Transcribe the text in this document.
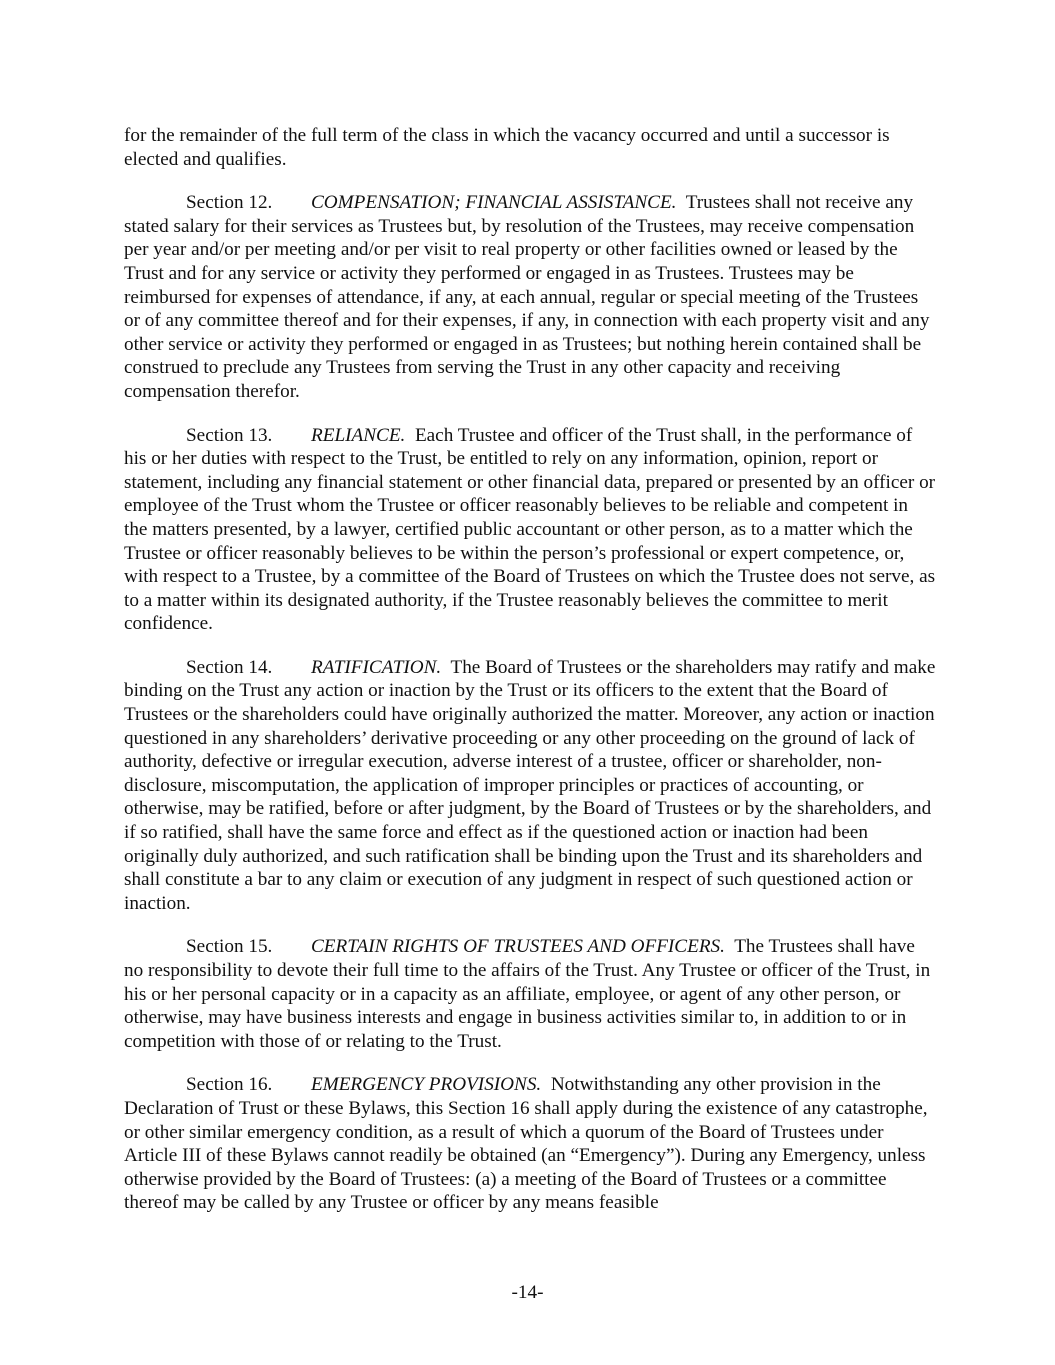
for the remainder of the full term of the class in which the vacancy occurred and until a successor is elected and qualifies.

Section 12. COMPENSATION; FINANCIAL ASSISTANCE. Trustees shall not receive any stated salary for their services as Trustees but, by resolution of the Trustees, may receive compensation per year and/or per meeting and/or per visit to real property or other facilities owned or leased by the Trust and for any service or activity they performed or engaged in as Trustees. Trustees may be reimbursed for expenses of attendance, if any, at each annual, regular or special meeting of the Trustees or of any committee thereof and for their expenses, if any, in connection with each property visit and any other service or activity they performed or engaged in as Trustees; but nothing herein contained shall be construed to preclude any Trustees from serving the Trust in any other capacity and receiving compensation therefor.

Section 13. RELIANCE. Each Trustee and officer of the Trust shall, in the performance of his or her duties with respect to the Trust, be entitled to rely on any information, opinion, report or statement, including any financial statement or other financial data, prepared or presented by an officer or employee of the Trust whom the Trustee or officer reasonably believes to be reliable and competent in the matters presented, by a lawyer, certified public accountant or other person, as to a matter which the Trustee or officer reasonably believes to be within the person’s professional or expert competence, or, with respect to a Trustee, by a committee of the Board of Trustees on which the Trustee does not serve, as to a matter within its designated authority, if the Trustee reasonably believes the committee to merit confidence.

Section 14. RATIFICATION. The Board of Trustees or the shareholders may ratify and make binding on the Trust any action or inaction by the Trust or its officers to the extent that the Board of Trustees or the shareholders could have originally authorized the matter. Moreover, any action or inaction questioned in any shareholders’ derivative proceeding or any other proceeding on the ground of lack of authority, defective or irregular execution, adverse interest of a trustee, officer or shareholder, non-disclosure, miscomputation, the application of improper principles or practices of accounting, or otherwise, may be ratified, before or after judgment, by the Board of Trustees or by the shareholders, and if so ratified, shall have the same force and effect as if the questioned action or inaction had been originally duly authorized, and such ratification shall be binding upon the Trust and its shareholders and shall constitute a bar to any claim or execution of any judgment in respect of such questioned action or inaction.

Section 15. CERTAIN RIGHTS OF TRUSTEES AND OFFICERS. The Trustees shall have no responsibility to devote their full time to the affairs of the Trust. Any Trustee or officer of the Trust, in his or her personal capacity or in a capacity as an affiliate, employee, or agent of any other person, or otherwise, may have business interests and engage in business activities similar to, in addition to or in competition with those of or relating to the Trust.

Section 16. EMERGENCY PROVISIONS. Notwithstanding any other provision in the Declaration of Trust or these Bylaws, this Section 16 shall apply during the existence of any catastrophe, or other similar emergency condition, as a result of which a quorum of the Board of Trustees under Article III of these Bylaws cannot readily be obtained (an “Emergency”). During any Emergency, unless otherwise provided by the Board of Trustees: (a) a meeting of the Board of Trustees or a committee thereof may be called by any Trustee or officer by any means feasible

-14-
